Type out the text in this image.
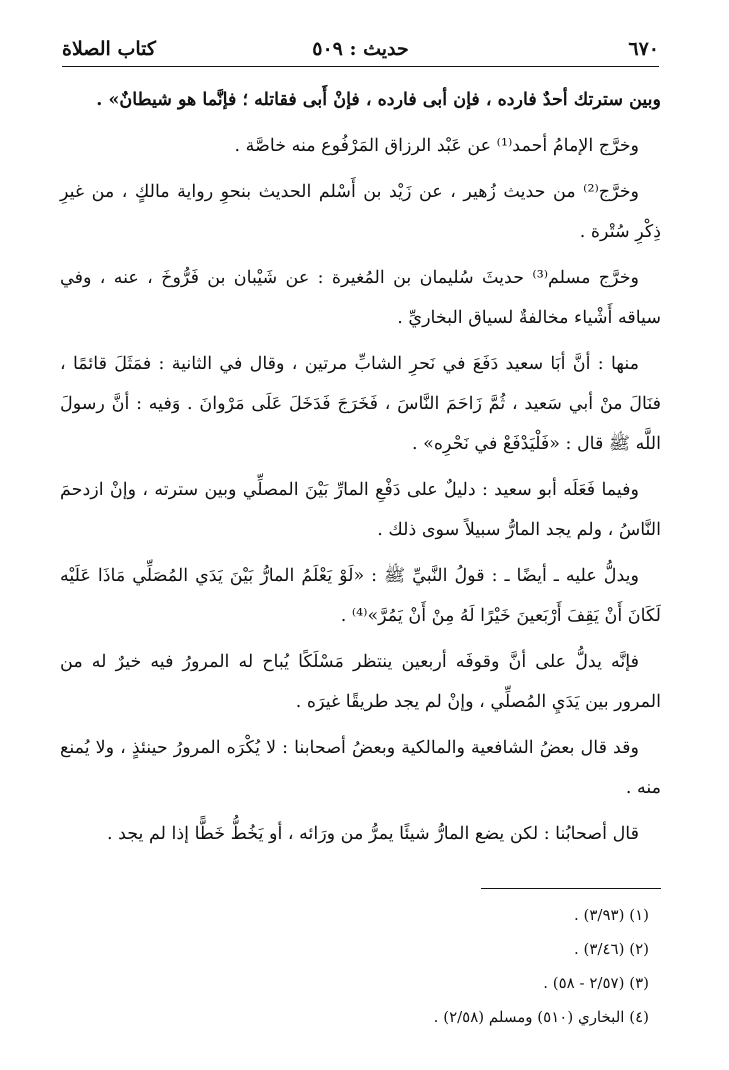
٦٧٠
حديث : ٥٠٩
كتاب الصلاة

وبين سترتك أحدٌ فارده ، فإن أبى فارده ، فإنْ أَبى فقاتله ؛ فإنَّما هو شيطانٌ» .

وخرَّج الإمامُ أحمد⁽¹⁾ عن عَبْد الرزاق المَرْفُوع منه خاصَّة .

وخرَّج⁽²⁾ من حديث زُهير ، عن زَيْد بن أَسْلم الحديث بنحوِ رواية مالكٍ ، من غيرِ ذِكْرِ سُتْرة .

وخرَّج مسلم⁽³⁾ حديثَ سُليمان بن المُغيرة : عن شَيْبان بن فَرُّوخَ ، عنه ، وفي سياقه أَشْياء مخالفةٌ لسياق البخاريِّ .

منها : أنَّ أبَا سعيد دَفَعَ في نَحرِ الشابِّ مرتين ، وقال في الثانية : فمَثَلَ قائمًا ، فنَالَ منْ أبي سَعيد ، ثُمَّ زَاحَمَ النَّاسَ ، فَخَرَجَ فَدَخَلَ عَلَى مَرْوانَ . وَفيه : أنَّ رسولَ اللَّه ﷺ قال : «فَلْيَدْفَعْ في نَحْرِه» .

وفيما فَعَلَه أبو سعيد : دليلٌ على دَفْعِ المارِّ بَيْنَ المصلِّي وبين سترته ، وإنْ ازدحمَ النَّاسُ ، ولم يجد المارُّ سبيلاً سوى ذلك .

ويدلُّ عليه ـ أيضًا ـ : قولُ النَّبيِّ ﷺ : «لَوْ يَعْلَمُ المارُّ بَيْنَ يَدَي المُصَلِّي مَاذَا عَلَيْه لَكَانَ أَنْ يَقِفَ أَرْبَعينَ خَيْرًا لَهُ مِنْ أَنْ يَمُرَّ»⁽⁴⁾ .

فإنَّه يدلُّ على أنَّ وقوفَه أربعين ينتظر مَسْلَكًا يُباح له المرورُ فيه خيرٌ له من المرور بين يَدَيِ المُصلِّي ، وإنْ لم يجد طريقًا غيرَه .

وقد قال بعضُ الشافعية والمالكية وبعضُ أصحابنا : لا يُكْرَه المرورُ حينئذٍ ، ولا يُمنع منه .

قال أصحابُنا : لكن يضع المارُّ شيئًا يمرُّ من ورَائه ، أو يَخُطُّ خَطًّا إذا لم يجد .

(١) (٣/٩٣) .
(٢) (٣/٤٦) .
(٣) (٢/٥٧ - ٥٨) .
(٤) البخاري (٥١٠) ومسلم (٢/٥٨) .
